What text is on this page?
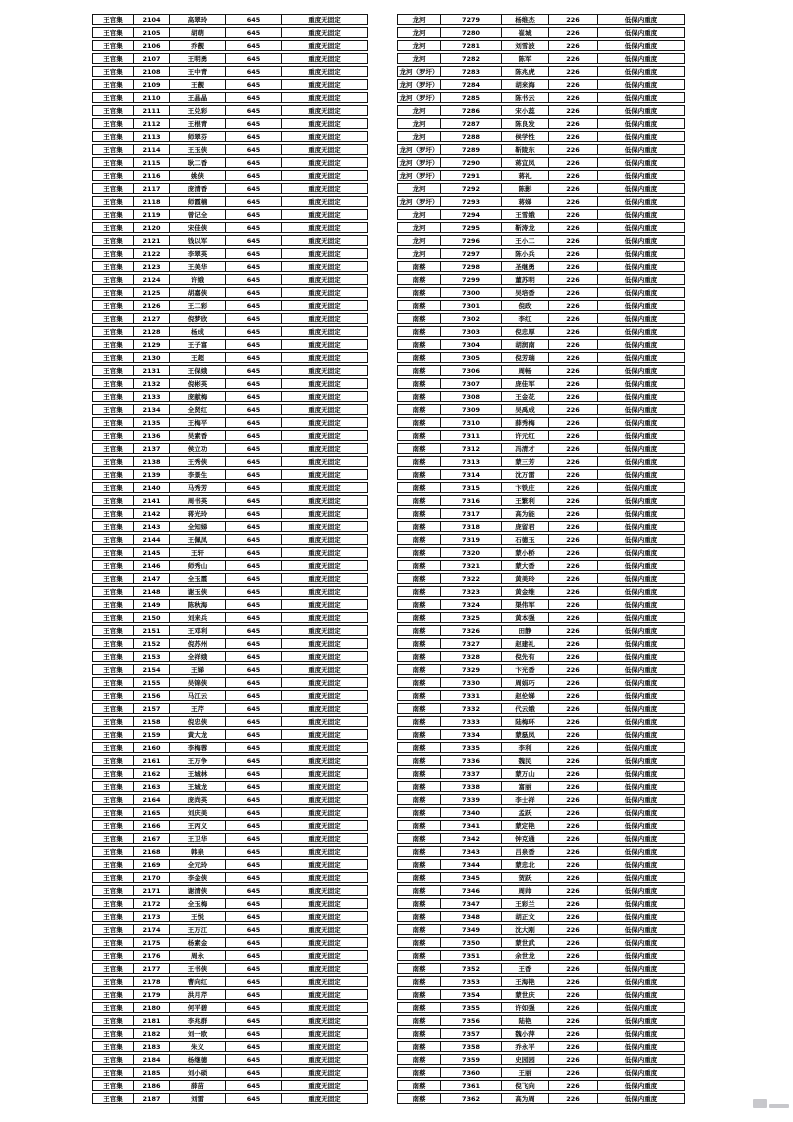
王官集	2104	高翠玲	645	重度无固定
王官集	2105	胡萌	645	重度无固定
王官集	2106	乔靓	645	重度无固定
王官集	2107	王明勇	645	重度无固定
王官集	2108	王中青	645	重度无固定
王官集	2109	王靓	645	重度无固定
王官集	2110	王晶晶	645	重度无固定
王官集	2111	王兑彩	645	重度无固定
王官集	2112	王根青	645	重度无固定
王官集	2113	师翠芬	645	重度无固定
王官集	2114	王玉侠	645	重度无固定
王官集	2115	耿二香	645	重度无固定
王官集	2116	姚侠	645	重度无固定
王官集	2117	庞清香	645	重度无固定
王官集	2118	师霞楠	645	重度无固定
王官集	2119	曾记全	645	重度无固定
王官集	2120	宋佳侠	645	重度无固定
王官集	2121	钱以军	645	重度无固定
王官集	2122	李翠英	645	重度无固定
王官集	2123	王美华	645	重度无固定
王官集	2124	许娥	645	重度无固定
王官集	2125	胡嘉侠	645	重度无固定
王官集	2126	王二彩	645	重度无固定
王官集	2127	倪梦欣	645	重度无固定
王官集	2128	杨成	645	重度无固定
王官集	2129	王子富	645	重度无固定
王官集	2130	王超	645	重度无固定
王官集	2131	王保娥	645	重度无固定
王官集	2132	倪彬英	645	重度无固定
王官集	2133	庞献梅	645	重度无固定
王官集	2134	全贤红	645	重度无固定
王官集	2135	王梅平	645	重度无固定
王官集	2136	吴素香	645	重度无固定
王官集	2137	侯立功	645	重度无固定
王官集	2138	王秀侠	645	重度无固定
王官集	2139	李景生	645	重度无固定
王官集	2140	马秀芳	645	重度无固定
王官集	2141	周书英	645	重度无固定
王官集	2142	蒋光玲	645	重度无固定
王官集	2143	全知娣	645	重度无固定
王官集	2144	王佩凤	645	重度无固定
王官集	2145	王轩	645	重度无固定
王官集	2146	师秀山	645	重度无固定
王官集	2147	全玉霞	645	重度无固定
王官集	2148	谢玉侠	645	重度无固定
王官集	2149	陈秋海	645	重度无固定
王官集	2150	刘来兵	645	重度无固定
王官集	2151	王邓利	645	重度无固定
王官集	2152	倪苏州	645	重度无固定
王官集	2153	全祥娥	645	重度无固定
王官集	2154	王娣	645	重度无固定
王官集	2155	吴锦侠	645	重度无固定
王官集	2156	马江云	645	重度无固定
王官集	2157	王芹	645	重度无固定
王官集	2158	倪忠侠	645	重度无固定
王官集	2159	黄大龙	645	重度无固定
王官集	2160	李梅蓉	645	重度无固定
王官集	2161	王万争	645	重度无固定
王官集	2162	王城林	645	重度无固定
王官集	2163	王城龙	645	重度无固定
王官集	2164	庞尚英	645	重度无固定
王官集	2165	刘庆美	645	重度无固定
王官集	2166	王丙义	645	重度无固定
王官集	2167	王卫华	645	重度无固定
王官集	2168	韩泉	645	重度无固定
王官集	2169	全元玲	645	重度无固定
王官集	2170	李金侠	645	重度无固定
王官集	2171	谢清侠	645	重度无固定
王官集	2172	全玉梅	645	重度无固定
王官集	2173	王悦	645	重度无固定
王官集	2174	王万江	645	重度无固定
王官集	2175	杨素金	645	重度无固定
王官集	2176	周永	645	重度无固定
王官集	2177	王书侠	645	重度无固定
王官集	2178	曹向红	645	重度无固定
王官集	2179	洪月芹	645	重度无固定
王官集	2180	何平碧	645	重度无固定
王官集	2181	李兆群	645	重度无固定
王官集	2182	刘一欧	645	重度无固定
王官集	2183	朱义	645	重度无固定
王官集	2184	杨继德	645	重度无固定
王官集	2185	刘小硕	645	重度无固定
王官集	2186	薛苗	645	重度无固定
王官集	2187	刘雷	645	重度无固定
龙河	7279	杨维杰	226	低保内重度
龙河	7280	崔城	226	低保内重度
龙河	7281	刘雪波	226	低保内重度
龙河	7282	陈军	226	低保内重度
龙河（罗圩）	7283	陈兆虎	226	低保内重度
龙河（罗圩）	7284	胡来海	226	低保内重度
龙河（罗圩）	7285	陈书云	226	低保内重度
龙河	7286	宋小蕊	226	低保内重度
龙河	7287	陈良发	226	低保内重度
龙河	7288	侯学性	226	低保内重度
龙河（罗圩）	7289	靳陵东	226	低保内重度
龙河（罗圩）	7290	蒋宜凤	226	低保内重度
龙河（罗圩）	7291	蒋礼	226	低保内重度
龙河	7292	陈影	226	低保内重度
龙河（罗圩）	7293	蒋娣	226	低保内重度
龙河	7294	王雪娥	226	低保内重度
龙河	7295	靳涛龙	226	低保内重度
龙河	7296	王小二	226	低保内重度
龙河	7297	陈小兵	226	低保内重度
南蔡	7298	圣继勇	226	低保内重度
南蔡	7299	董苏明	226	低保内重度
南蔡	7300	吴培香	226	低保内重度
南蔡	7301	倪政	226	低保内重度
南蔡	7302	李红	226	低保内重度
南蔡	7303	倪忠厚	226	低保内重度
南蔡	7304	胡润南	226	低保内重度
南蔡	7305	倪芳瑞	226	低保内重度
南蔡	7306	周畅	226	低保内重度
南蔡	7307	庞佳军	226	低保内重度
南蔡	7308	王金花	226	低保内重度
南蔡	7309	吴禹成	226	低保内重度
南蔡	7310	薛秀梅	226	低保内重度
南蔡	7311	许元红	226	低保内重度
南蔡	7312	冯清才	226	低保内重度
南蔡	7313	蒙三芳	226	低保内重度
南蔡	7314	沈万雷	226	低保内重度
南蔡	7315	卞铁庄	226	低保内重度
南蔡	7316	王繁利	226	低保内重度
南蔡	7317	高为能	226	低保内重度
南蔡	7318	庞留君	226	低保内重度
南蔡	7319	石德玉	226	低保内重度
南蔡	7320	蒙小桥	226	低保内重度
南蔡	7321	蒙大香	226	低保内重度
南蔡	7322	黄美玲	226	低保内重度
南蔡	7323	黄金维	226	低保内重度
南蔡	7324	渠伟军	226	低保内重度
南蔡	7325	黄本强	226	低保内重度
南蔡	7326	田静	226	低保内重度
南蔡	7327	赵建礼	226	低保内重度
南蔡	7328	倪先有	226	低保内重度
南蔡	7329	卞光香	226	低保内重度
南蔡	7330	周娟巧	226	低保内重度
南蔡	7331	赵伦娣	226	低保内重度
南蔡	7332	代云娥	226	低保内重度
南蔡	7333	陆梅环	226	低保内重度
南蔡	7334	蒙磊凤	226	低保内重度
南蔡	7335	李利	226	低保内重度
南蔡	7336	魏民	226	低保内重度
南蔡	7337	蒙万山	226	低保内重度
南蔡	7338	富丽	226	低保内重度
南蔡	7339	李士祥	226	低保内重度
南蔡	7340	孟跃	226	低保内重度
南蔡	7341	蒙定艳	226	低保内重度
南蔡	7342	钟克通	226	低保内重度
南蔡	7343	吕泉香	226	低保内重度
南蔡	7344	蒙忠北	226	低保内重度
南蔡	7345	贺跃	226	低保内重度
南蔡	7346	周帅	226	低保内重度
南蔡	7347	王彩兰	226	低保内重度
南蔡	7348	胡正文	226	低保内重度
南蔡	7349	沈大刚	226	低保内重度
南蔡	7350	蒙世武	226	低保内重度
南蔡	7351	余世龙	226	低保内重度
南蔡	7352	王香	226	低保内重度
南蔡	7353	王海艳	226	低保内重度
南蔡	7354	蒙世庆	226	低保内重度
南蔡	7355	许如强	226	低保内重度
南蔡	7356	陆艳	226	低保内重度
南蔡	7357	魏小萍	226	低保内重度
南蔡	7358	乔永平	226	低保内重度
南蔡	7359	史园园	226	低保内重度
南蔡	7360	王丽	226	低保内重度
南蔡	7361	倪飞向	226	低保内重度
南蔡	7362	高为周	226	低保内重度
